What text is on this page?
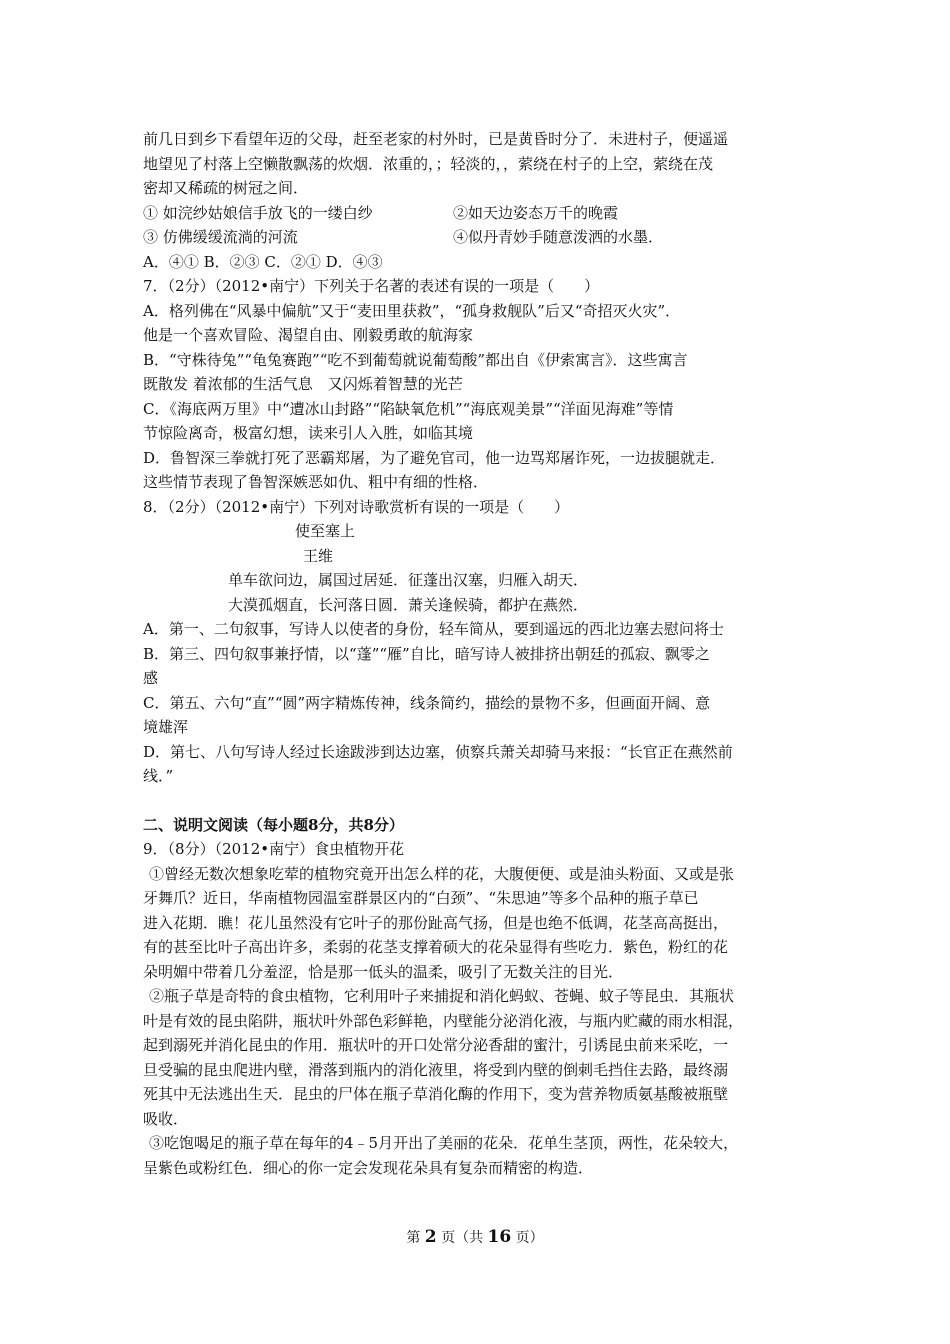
前几日到乡下看望年迈的父母，赶至老家的村外时，已是黄昏时分了．未进村子，便遥遥
地望见了村落上空懒散飘荡的炊烟．浓重的，；轻淡的，，萦绕在村子的上空，萦绕在茂
密却又稀疏的树冠之间．
① 如浣纱姑娘信手放飞的一缕白纱	②如天边姿态万千的晚霞
③ 仿佛缓缓流淌的河流	④似丹青妙手随意泼洒的水墨．
A．④① B．②③ C．②① D．④③
7．（2分）（2012•南宁）下列关于名著的表述有误的一项是（　　）
A．格列佛在“风暴中偏航”又于“麦田里获救”，“孤身救舰队”后又“奇招灭火灾”．
他是一个喜欢冒险、渴望自由、刚毅勇敢的航海家
B．“守株待兔”“龟兔赛跑”“吃不到葡萄就说葡萄酸”都出自《伊索寓言》．这些寓言
既散发 着浓郁的生活气息　又闪烁着智慧的光芒
C．《海底两万里》中“遭冰山封路”“陷缺氧危机”“海底观美景”“洋面见海难”等情
节惊险离奇，极富幻想，读来引人入胜，如临其境
D．鲁智深三拳就打死了恶霸郑屠，为了避免官司，他一边骂郑屠诈死，一边拔腿就走．
这些情节表现了鲁智深嫉恶如仇、粗中有细的性格．
8．（2分）（2012•南宁）下列对诗歌赏析有误的一项是（　　）
使至塞上
王维
单车欲问边，属国过居延．征蓬出汉塞，归雁入胡天．
大漠孤烟直，长河落日圆．萧关逢候骑，都护在燕然．
A．第一、二句叙事，写诗人以使者的身份，轻车简从，要到遥远的西北边塞去慰问将士
B．第三、四句叙事兼抒情，以“蓬”“雁”自比，暗写诗人被排挤出朝廷的孤寂、飘零之
感
C．第五、六句“直”“圆”两字精炼传神，线条简约，描绘的景物不多，但画面开阔、意
境雄浑
D．第七、八句写诗人经过长途跋涉到达边塞，侦察兵萧关却骑马来报：“长官正在燕然前
线．”
二、说明文阅读（每小题8分，共8分）
9．（8分）（2012•南宁）食虫植物开花
①曾经无数次想象吃荤的植物究竟开出怎么样的花，大腹便便、或是油头粉面、又或是张
牙舞爪？近日，华南植物园温室群景区内的“白颈”、“朱思迪”等多个品种的瓶子草已
进入花期．瞧！花儿虽然没有它叶子的那份趾高气扬，但是也绝不低调，花茎高高挺出，
有的甚至比叶子高出许多，柔弱的花茎支撑着硕大的花朵显得有些吃力．紫色，粉红的花
朵明媚中带着几分羞涩，恰是那一低头的温柔，吸引了无数关注的目光．
②瓶子草是奇特的食虫植物，它利用叶子来捕捉和消化蚂蚁、苍蝇、蚊子等昆虫．其瓶状
叶是有效的昆虫陷阱，瓶状叶外部色彩鲜艳，内壁能分泌消化液，与瓶内贮藏的雨水相混，
起到溺死并消化昆虫的作用．瓶状叶的开口处常分泌香甜的蜜汁，引诱昆虫前来采吃，一
旦受骗的昆虫爬进内壁，滑落到瓶内的消化液里，将受到内壁的倒刺毛挡住去路，最终溺
死其中无法逃出生天．昆虫的尸体在瓶子草消化酶的作用下，变为营养物质氨基酸被瓶壁
吸收．
③吃饱喝足的瓶子草在每年的4﹣5月开出了美丽的花朵．花单生茎顶，两性，花朵较大，
呈紫色或粉红色．细心的你一定会发现花朵具有复杂而精密的构造．
第 2 页（共 16 页）
